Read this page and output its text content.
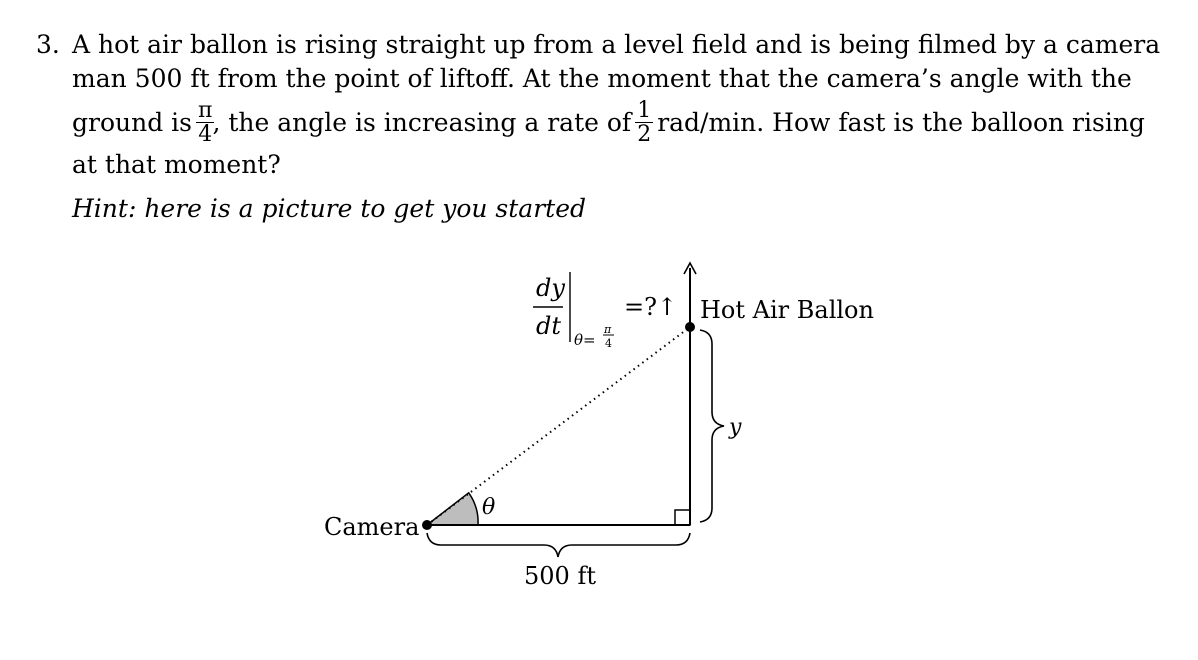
3. A hot air ballon is rising straight up from a level field and is being filmed by a camera
man 500 ft from the point of liftoff. At the moment that the camera’s angle with the
ground is $\frac{\pi}{4}$
, the angle is increasing a rate of $\frac{1}{2} rad/\min$. How fast is the balloon rising
at that moment?
Hint: here is a picture to get you started
dy
dt θ=
π
4
=?↑ Hot Air Ballon
y
θ
Camera
500 ft
